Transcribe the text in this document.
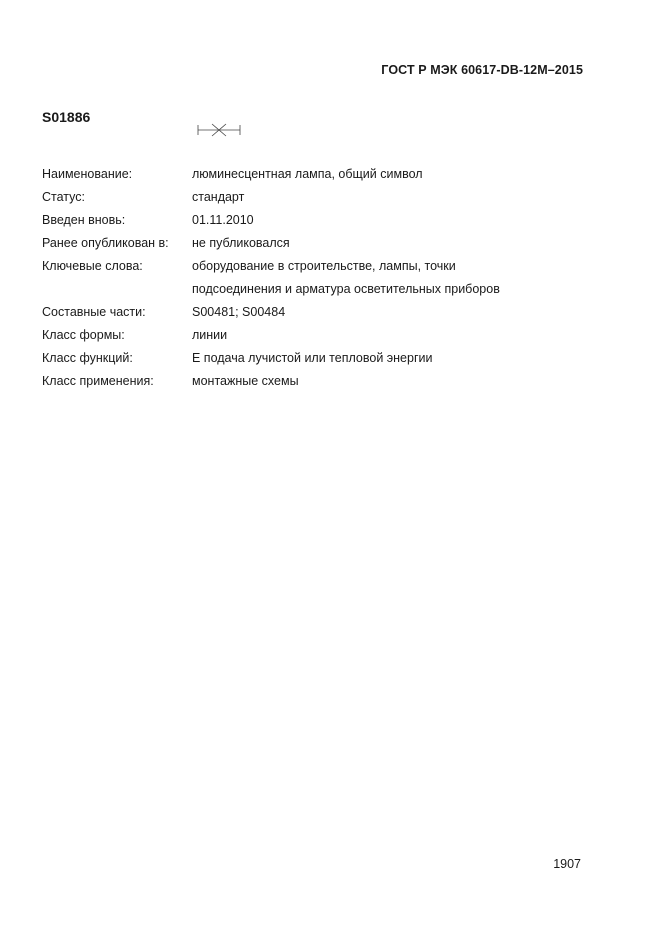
ГОСТ Р МЭК 60617-DB-12M–2015
S01886
Наименование:	люминесцентная лампа, общий символ
Статус:	стандарт
Введен вновь:	01.11.2010
Ранее опубликован в:	не публиковался
Ключевые слова:	оборудование в строительстве, лампы, точки
подсоединения и арматура осветительных приборов
Составные части:	S00481; S00484
Класс формы:	линии
Класс функций:	E подача лучистой или тепловой энергии
Класс применения:	монтажные схемы
1907
